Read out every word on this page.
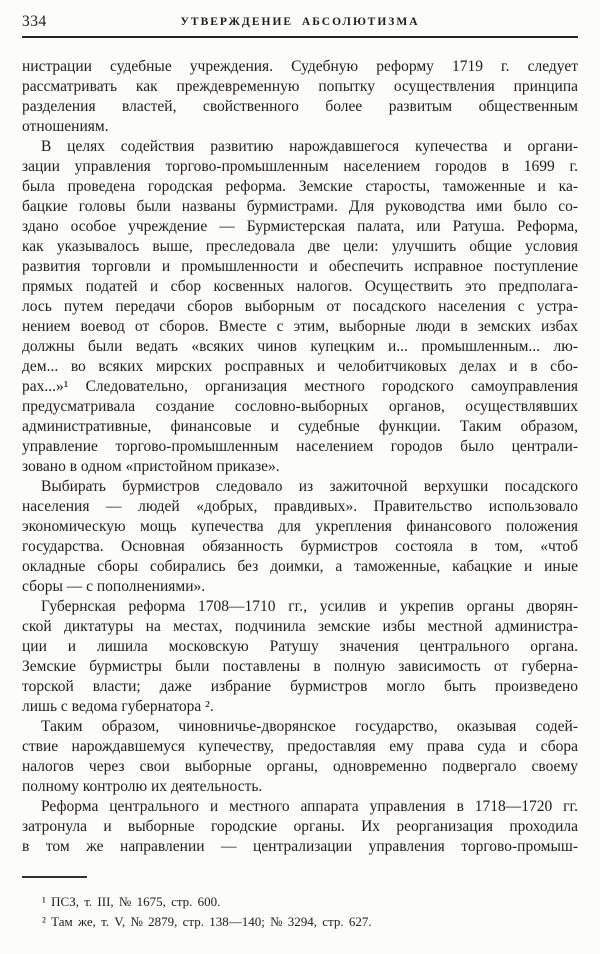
334	УТВЕРЖДЕНИЕ АБСОЛЮТИЗМА
нистрации судебные учреждения. Судебную реформу 1719 г. следует
рассматривать как преждевременную попытку осуществления принципа
разделения властей, свойственного более развитым общественным
отношениям.
В целях содействия развитию нарождавшегося купечества и органи-
зации управления торгово-промышленным населением городов в 1699 г.
была проведена городская реформа. Земские старосты, таможенные и ка-
бацкие головы были названы бурмистрами. Для руководства ими было со-
здано особое учреждение — Бурмистерская палата, или Ратуша. Реформа,
как указывалось выше, преследовала две цели: улучшить общие условия
развития торговли и промышленности и обеспечить исправное поступление
прямых податей и сбор косвенных налогов. Осуществить это предполага-
лось путем передачи сборов выборным от посадского населения с устра-
нением воевод от сборов. Вместе с этим, выборные люди в земских избах
должны были ведать «всяких чинов купецким и... промышленным... лю-
дем... во всяких мирских росправных и челобитчиковых делах и в сбо-
рах...»¹ Следовательно, организация местного городского самоуправления
предусматривала создание сословно-выборных органов, осуществлявших
административные, финансовые и судебные функции. Таким образом,
управление торгово-промышленным населением городов было централи-
зовано в одном «пристойном приказе».
Выбирать бурмистров следовало из зажиточной верхушки посадского
населения — людей «добрых, правдивых». Правительство использовало
экономическую мощь купечества для укрепления финансового положения
государства. Основная обязанность бурмистров состояла в том, «чтоб
окладные сборы собирались без доимки, а таможенные, кабацкие и иные
сборы — с пополнениями».
Губернская реформа 1708—1710 гг., усилив и укрепив органы дворян-
ской диктатуры на местах, подчинила земские избы местной администра-
ции и лишила московскую Ратушу значения центрального органа.
Земские бурмистры были поставлены в полную зависимость от губерна-
торской власти; даже избрание бурмистров могло быть произведено
лишь с ведома губернатора ².
Таким образом, чиновничье-дворянское государство, оказывая содей-
ствие нарождавшемуся купечеству, предоставляя ему права суда и сбора
налогов через свои выборные органы, одновременно подвергало своему
полному контролю их деятельность.
Реформа центрального и местного аппарата управления в 1718—1720 гг.
затронула и выборные городские органы. Их реорганизация проходила
в том же направлении — централизации управления торгово-промыш-
¹ ПСЗ, т. III, № 1675, стр. 600.
² Там же, т. V, № 2879, стр. 138—140; № 3294, стр. 627.
